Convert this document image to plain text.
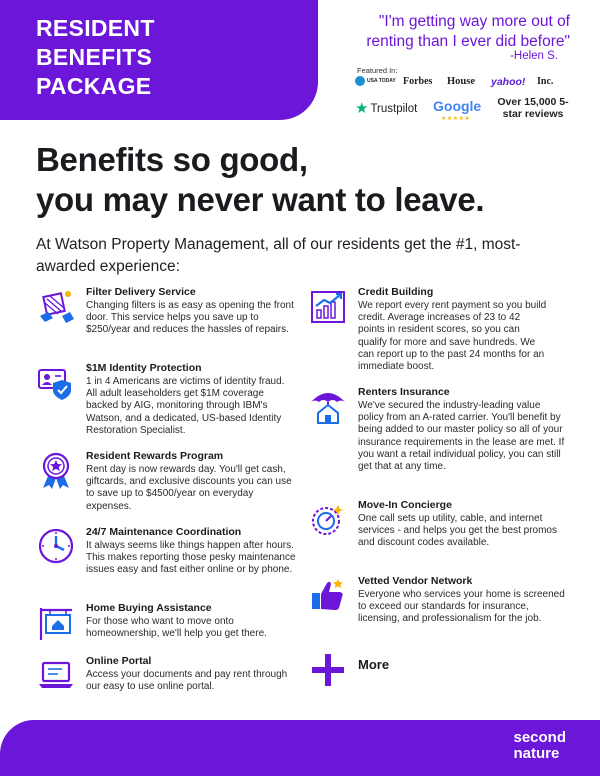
RESIDENT
BENEFITS
PACKAGE
"I'm getting way more out of renting than I ever did before"
-Helen S.
Featured In:
USA TODAY Forbes House yahoo! Inc.
★ Trustpilot Google
★★★★★
Over 15,000 5-star reviews
Benefits so good,
you may never want to leave.
At Watson Property Management, all of our residents get the #1, most-awarded experience:
Filter Delivery Service
Changing filters is as easy as opening the front door. This service helps you save up to $250/year and reduces the hassles of repairs.
$1M Identity Protection
1 in 4 Americans are victims of identity fraud. All adult leaseholders get $1M coverage backed by AIG, monitoring through IBM's Watson, and a dedicated, US-based Identity Restoration Specialist.
Resident Rewards Program
Rent day is now rewards day. You'll get cash, giftcards, and exclusive discounts you can use to save up to $4500/year on everyday expenses.
24/7 Maintenance Coordination
It always seems like things happen after hours. This makes reporting those pesky maintenance issues easy and fast either online or by phone.
Home Buying Assistance
For those who want to move onto homeownership, we'll help you get there.
Online Portal
Access your documents and pay rent through our easy to use online portal.
Credit Building
We report every rent payment so you build credit. Average increases of 23 to 42 points in resident scores, so you can qualify for more and save hundreds. We can report up to the past 24 months for an immediate boost.
Renters Insurance
We've secured the industry-leading value policy from an A-rated carrier. You'll benefit by being added to our master policy so all of your insurance requirements in the lease are met. If you want a retail individual policy, you can still get that at any time.
Move-In Concierge
One call sets up utility, cable, and internet services - and helps you get the best promos and discount codes available.
Vetted Vendor Network
Everyone who services your home is screened to exceed our standards for insurance, licensing, and professionalism for the job.
More
second
nature
